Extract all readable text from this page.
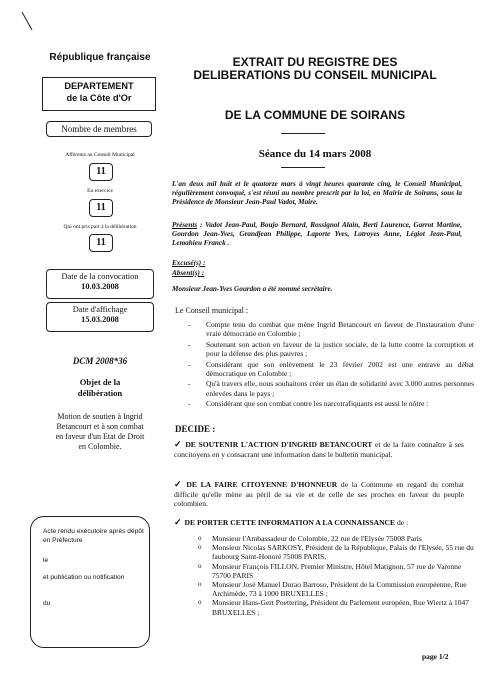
République française
DEPARTEMENT
de la Côte d'Or
Nombre de membres
Afférents au Conseil Municipal
11
En exercice
11
Qui ont pris part à la délibération
11
Date de la convocation
10.03.2008
Date d'affichage
15.03.2008
DCM 2008*36
Objet de la
délibération
Motion de soutien à Ingrid Betancourt et à son combat en faveur d'un Etat de Droit en Colombie.
Acte rendu exécutoire après dépôt en Préfecture
le
et publication ou notification
du
EXTRAIT DU REGISTRE DES
DELIBERATIONS DU CONSEIL MUNICIPAL
DE LA COMMUNE DE SOIRANS
Séance du 14 mars 2008
L'an deux mil huit et le quatorze mars à vingt heures quarante cinq, le Conseil Municipal, régulièrement convoqué, s'est réuni au nombre prescrit par la loi, en Mairie de Soirans, sous la Présidence de Monsieur Jean-Paul Vadot, Maire.
Présents : Vadot Jean-Paul, Boujo Bernard, Rossignol Alain, Berti Laurence, Garrot Martine, Gourdon Jean-Yves, Grandjean Philippe, Laporte Yves, Latroyes Anne, Légiot Jean-Paul, Lemahieu Franck .
Excusé(s) :
Absent(s) :
Monsieur Jean-Yves Gourdon a été nommé secrétaire.
Le Conseil municipal :
- Compte tenu du combat que mène Ingrid Betancourt en faveur de l'instauration d'une vraie démocratie en Colombie ;
- Soutenant son action en faveur de la justice sociale, de la lutte contre la corruption et pour la défense des plus pauvres ;
- Considérant que son enlèvement le 23 février 2002 est une entrave au débat démocratique en Colombie ;
- Qu'à travers elle, nous souhaitons créer un élan de solidarité avec 3.000 autres personnes enlevées dans le pays ;
- Considérant que son combat contre les narcotrafiquants est aussi le nôtre :
DECIDE :
✓ DE SOUTENIR L'ACTION D'INGRID BETANCOURT et de la faire connaître à ses concitoyens en y consacrant une information dans le bulletin municipal.
✓ DE LA FAIRE CITOYENNE D'HONNEUR de la Commune en regard du combat difficile qu'elle mène au péril de sa vie et de celle de ses proches en faveur du peuple colombien.
✓ DE PORTER CETTE INFORMATION A LA CONNAISSANCE de :
o Monsieur l'Ambassadeur de Colombie, 22 rue de l'Elysée 75008 Paris
o Monsieur Nicolas SARKOSY, Président de la République, Palais de l'Elysée, 55 rue du faubourg Saint-Honoré 75008 PARIS,
o Monsieur François FILLON, Premier Ministre, Hôtel Matignon, 57 rue de Varenne 75700 PARIS
o Monsieur José Manuel Durao Barroso, Président de la Commission européenne, Rue Archimède, 73 à 1000 BRUXELLES ;
o Monsieur Hans-Gert Poettering, Président du Parlement européen, Rue Wiertz à 1047 BRUXELLES ;
page 1/2
